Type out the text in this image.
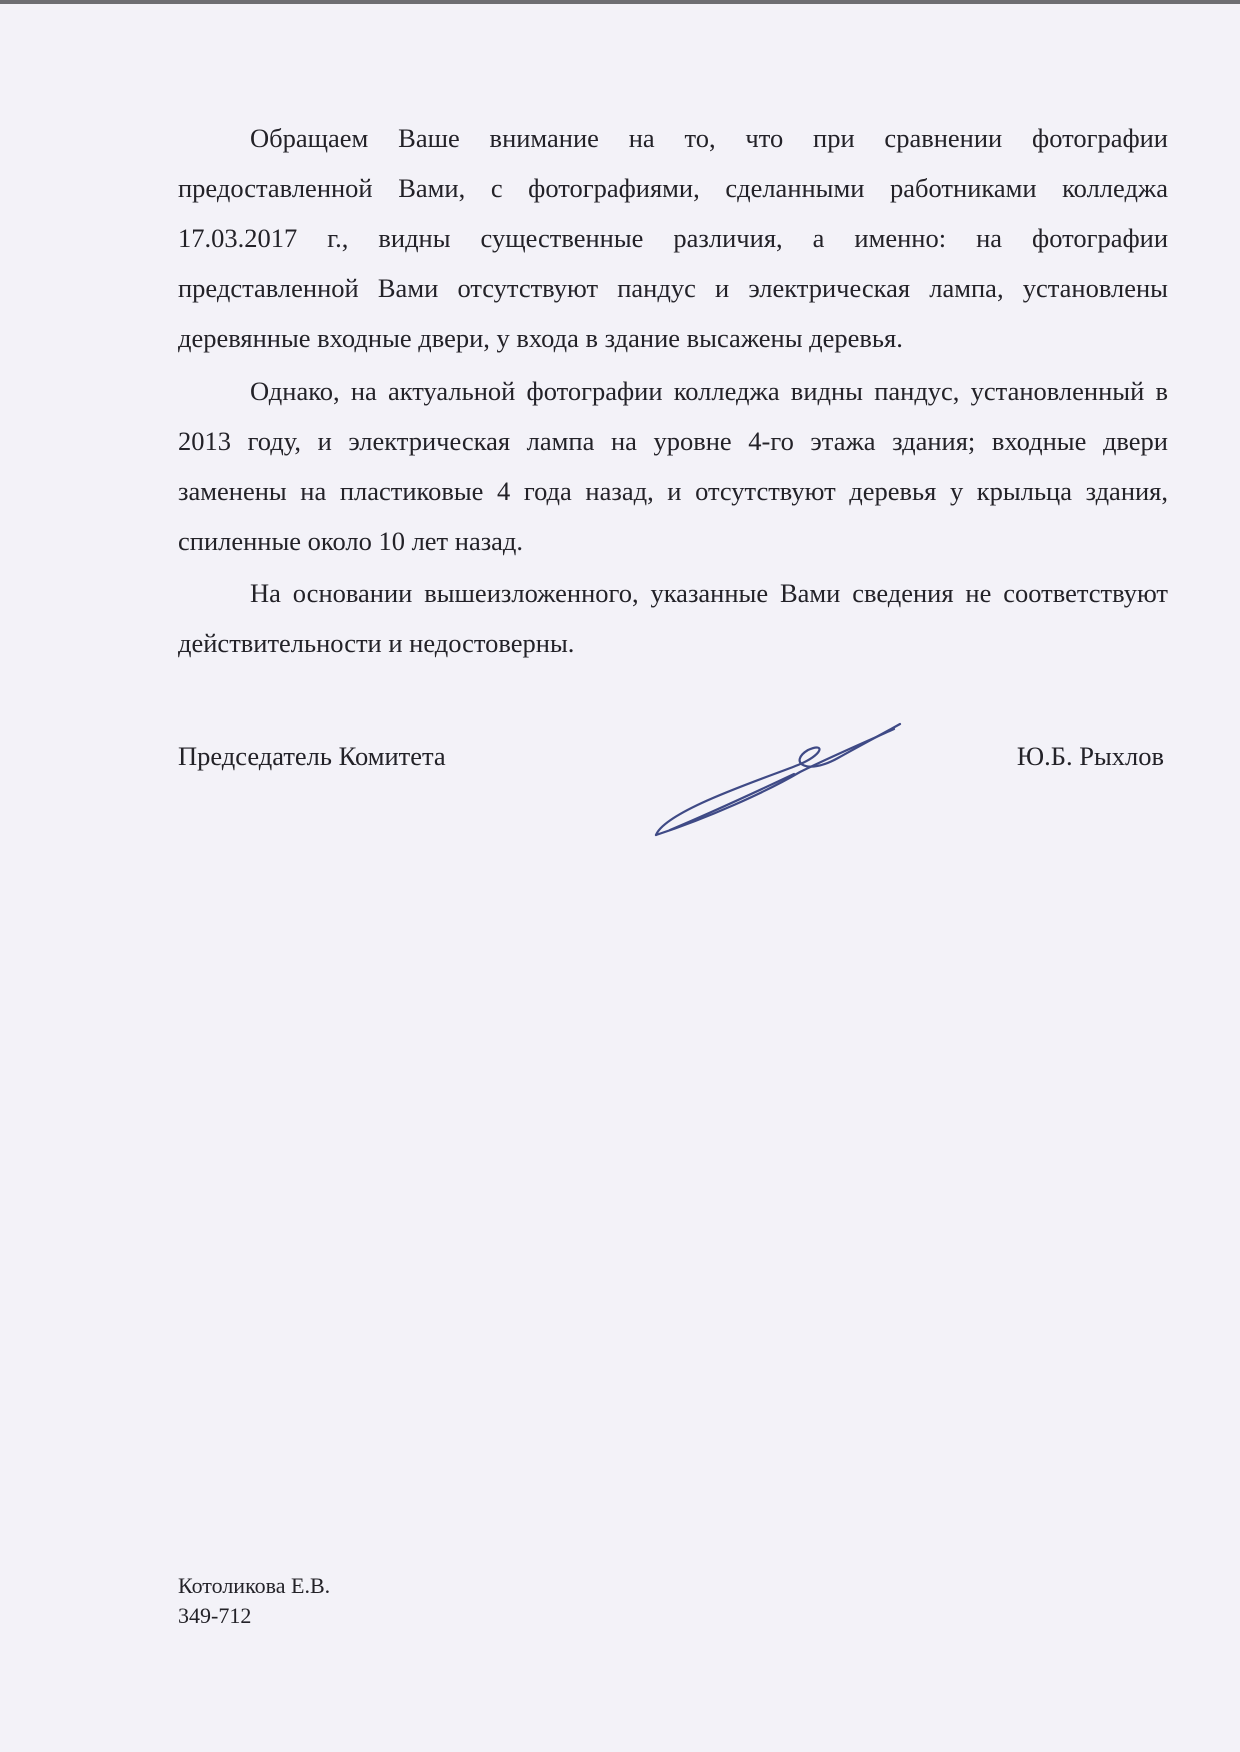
Обращаем Ваше внимание на то, что при сравнении фотографии предоставленной Вами, с фотографиями, сделанными работниками колледжа 17.03.2017 г., видны существенные различия, а именно: на фотографии представленной Вами отсутствуют пандус и электрическая лампа, установлены деревянные входные двери, у входа в здание высажены деревья.

Однако, на актуальной фотографии колледжа видны пандус, установленный в 2013 году, и электрическая лампа на уровне 4-го этажа здания; входные двери заменены на пластиковые 4 года назад, и отсутствуют деревья у крыльца здания, спиленные около 10 лет назад.

На основании вышеизложенного, указанные Вами сведения не соответствуют действительности и недостоверны.

Председатель Комитета	Ю.Б. Рыхлов
Котоликова Е.В.
349-712
